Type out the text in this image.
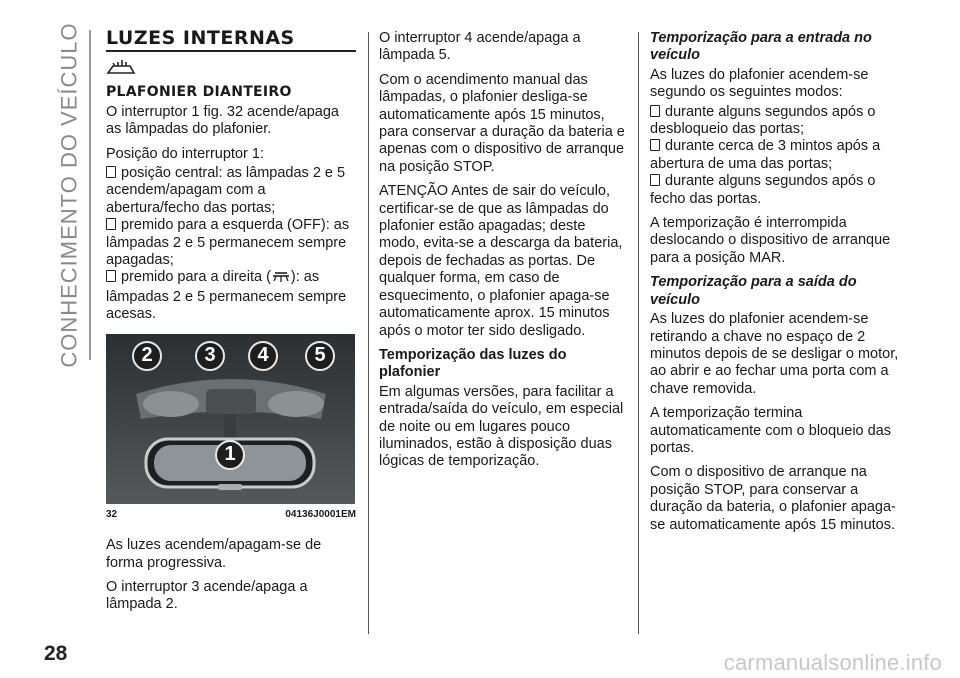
CONHECIMENTO DO VEÍCULO LUZES INTERNAS
PLAFONIER DIANTEIRO

O interruptor 1 fig. 32 acende/apaga as lâmpadas do plafonier.

Posição do interruptor 1:

posição central: as lâmpadas 2 e 5 acendem/apagam com a abertura/fecho das portas;
premido para a esquerda (OFF): as lâmpadas 2 e 5 permanecem sempre apagadas;
premido para a direita ( ): as lâmpadas 2 e 5 permanecem sempre acesas.
2	3	4	5
1
32	04136J0001EM

As luzes acendem/apagam-se de forma progressiva.

O interruptor 3 acende/apaga a lâmpada 2.

O interruptor 4 acende/apaga a lâmpada 5.

Com o acendimento manual das lâmpadas, o plafonier desliga-se automaticamente após 15 minutos, para conservar a duração da bateria e apenas com o dispositivo de arranque na posição STOP.

ATENÇÃO Antes de sair do veículo, certificar-se de que as lâmpadas do plafonier estão apagadas; deste modo, evita-se a descarga da bateria, depois de fechadas as portas. De qualquer forma, em caso de esquecimento, o plafonier apaga-se automaticamente aprox. 15 minutos após o motor ter sido desligado.

Temporização das luzes do plafonier

Em algumas versões, para facilitar a entrada/saída do veículo, em especial de noite ou em lugares pouco iluminados, estão à disposição duas lógicas de temporização.

Temporização para a entrada no veículo

As luzes do plafonier acendem-se segundo os seguintes modos:

durante alguns segundos após o desbloqueio das portas;
durante cerca de 3 mintos após a abertura de uma das portas;
durante alguns segundos após o fecho das portas.

A temporização é interrompida deslocando o dispositivo de arranque para a posição MAR.

Temporização para a saída do veículo

As luzes do plafonier acendem-se retirando a chave no espaço de 2 minutos depois de se desligar o motor, ao abrir e ao fechar uma porta com a chave removida.

A temporização termina automaticamente com o bloqueio das portas.

Com o dispositivo de arranque na posição STOP, para conservar a duração da bateria, o plafonier apaga-se automaticamente após 15 minutos.

28	carmanualsonline.info
